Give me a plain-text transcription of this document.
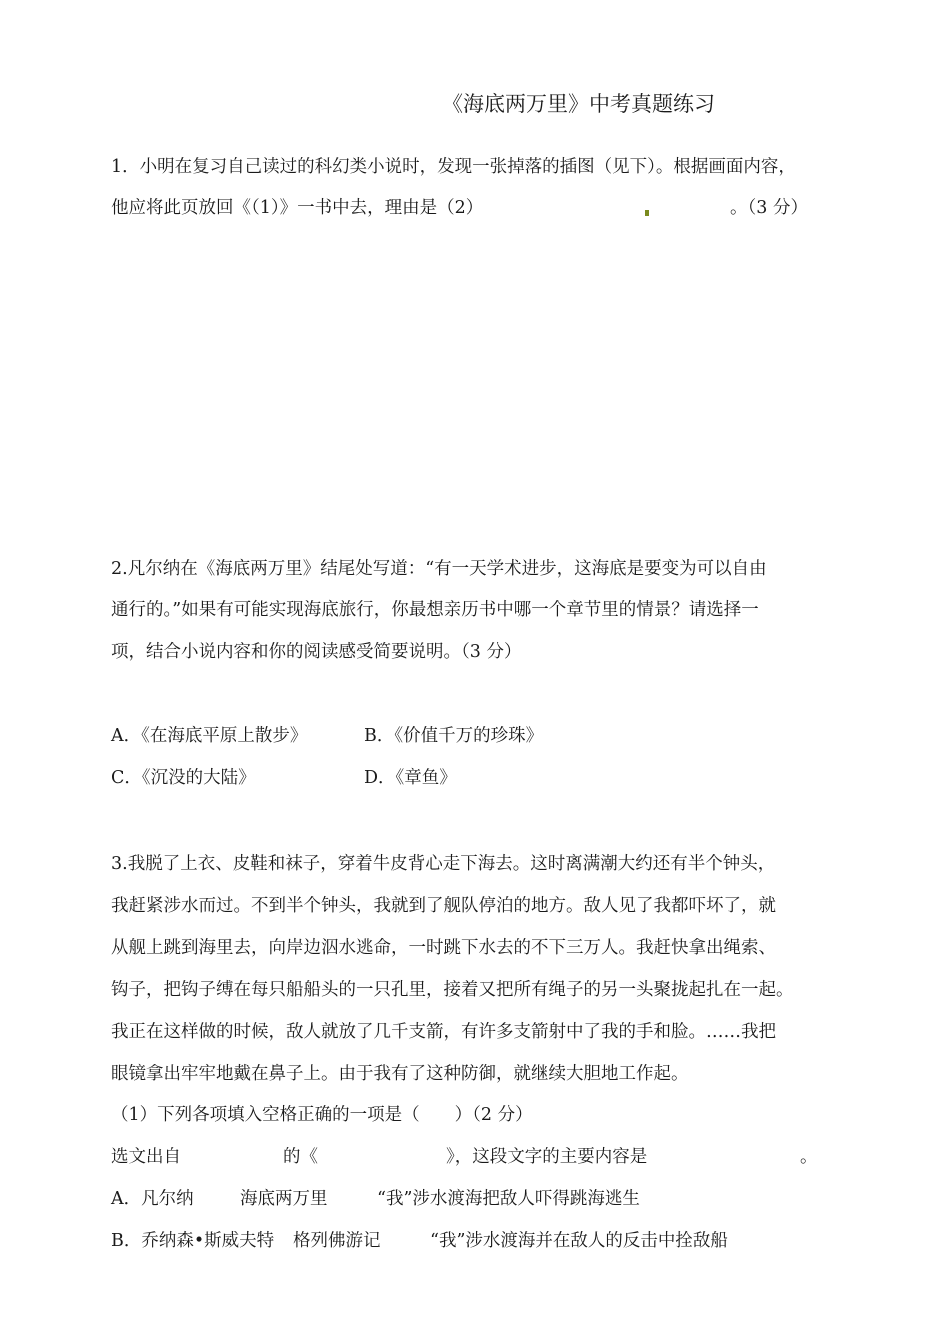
《海底两万里》中考真题练习
1．小明在复习自己读过的科幻类小说时，发现一张掉落的插图（见下）。根据画面内容，
他应将此页放回《（1）》一书中去，理由是（2）	。（3 分）
2.凡尔纳在《海底两万里》结尾处写道：“有一天学术进步，这海底是要变为可以自由
通行的。”如果有可能实现海底旅行，你最想亲历书中哪一个章节里的情景？请选择一
项，结合小说内容和你的阅读感受简要说明。（3 分）
A．《在海底平原上散步》	B．《价值千万的珍珠》
C．《沉没的大陆》	D．《章鱼》
3.我脱了上衣、皮鞋和袜子，穿着牛皮背心走下海去。这时离满潮大约还有半个钟头，
我赶紧涉水而过。不到半个钟头，我就到了舰队停泊的地方。敌人见了我都吓坏了，就
从舰上跳到海里去，向岸边泅水逃命，一时跳下水去的不下三万人。我赶快拿出绳索、
钩子，把钩子缚在每只船船头的一只孔里，接着又把所有绳子的另一头聚拢起扎在一起。
我正在这样做的时候，敌人就放了几千支箭，有许多支箭射中了我的手和脸。……我把
眼镜拿出牢牢地戴在鼻子上。由于我有了这种防御，就继续大胆地工作起。
（1）下列各项填入空格正确的一项是（　　）（2 分）
选文出自	的《	》，这段文字的主要内容是	。
A．凡尔纳	海底两万里	“我”涉水渡海把敌人吓得跳海逃生
B．乔纳森•斯威夫特 格列佛游记	“我”涉水渡海并在敌人的反击中拴敌船
